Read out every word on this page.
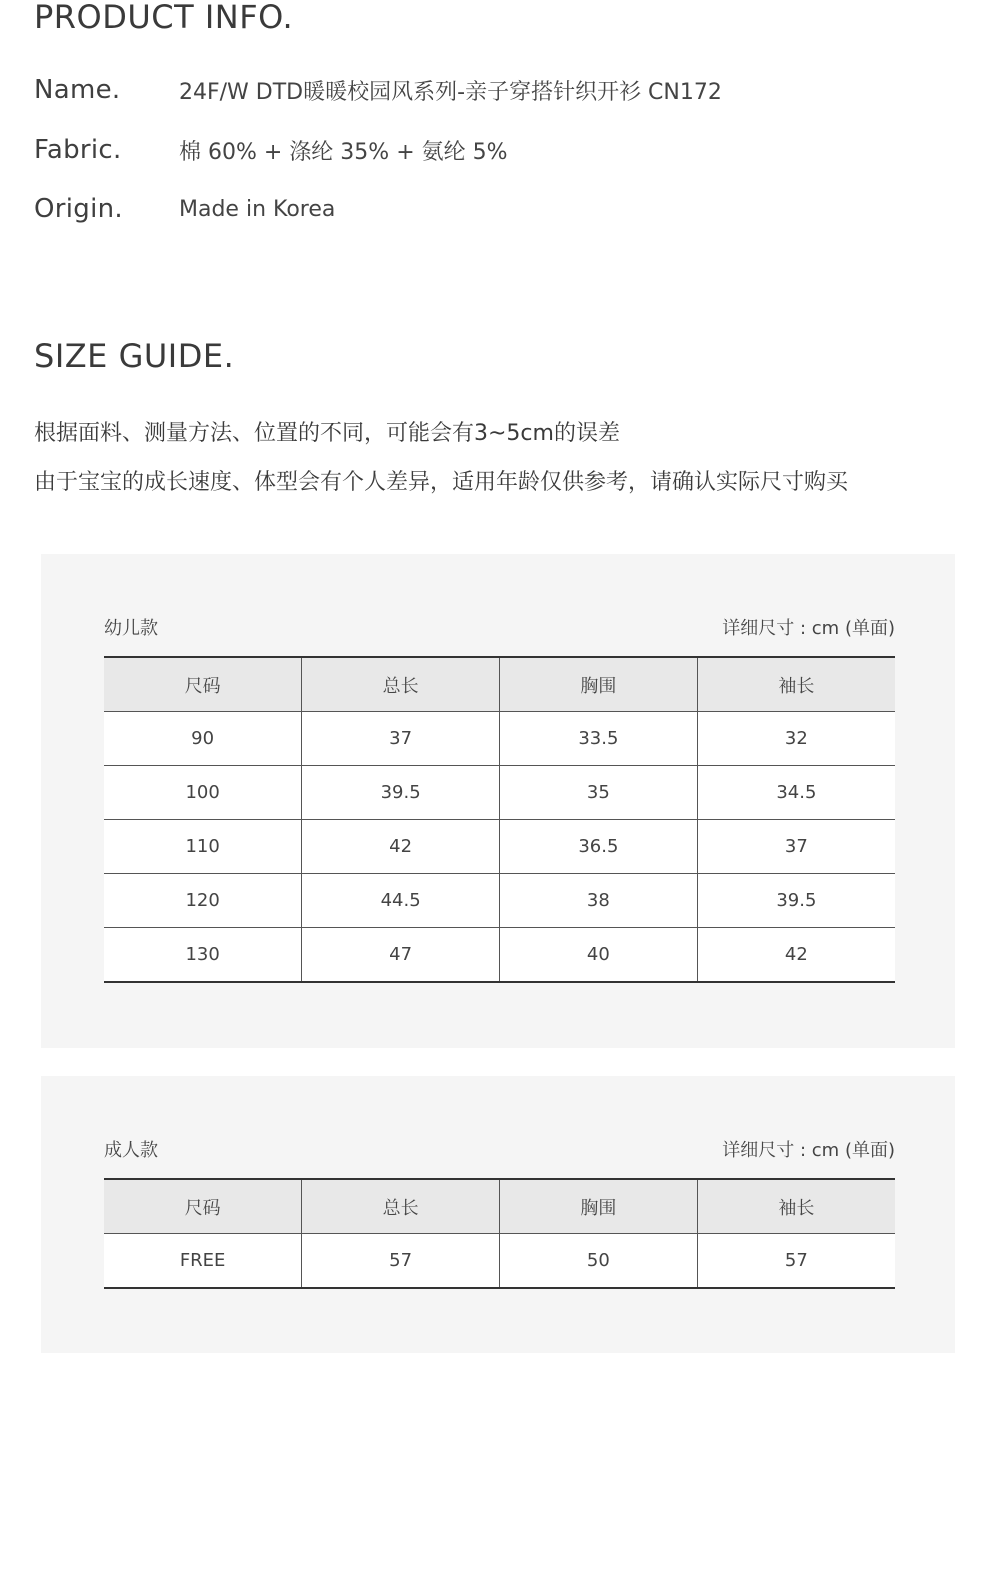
PRODUCT INFO.
Name.	24F/W DTD暖暖校园风系列-亲子穿搭针织开衫 CN172
Fabric.	棉 60% + 涤纶 35% + 氨纶 5%
Origin.	Made in Korea
SIZE GUIDE.
根据面料、测量方法、位置的不同，可能会有3~5cm的误差
由于宝宝的成长速度、体型会有个人差异，适用年龄仅供参考，请确认实际尺寸购买
幼儿款	详细尺寸 : cm (单面)
尺码	总长	胸围	袖长
90	37	33.5	32
100	39.5	35	34.5
110	42	36.5	37
120	44.5	38	39.5
130	47	40	42
成人款	详细尺寸 : cm (单面)
尺码	总长	胸围	袖长
FREE	57	50	57
